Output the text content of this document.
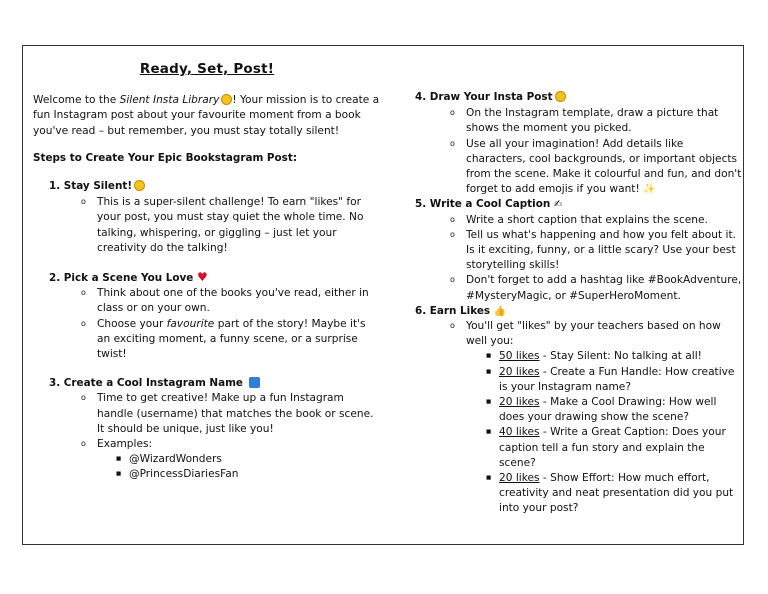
Ready, Set, Post!

Welcome to the Silent Insta Library ! Your mission is to create a fun Instagram post about your favourite moment from a book you've read – but remember, you must stay totally silent!

Steps to Create Your Epic Bookstagram Post:

1. Stay Silent!
o This is a super-silent challenge! To earn "likes" for your post, you must stay quiet the whole time. No talking, whispering, or giggling – just let your creativity do the talking!
2. Pick a Scene You Love ♥
o Think about one of the books you've read, either in class or on your own.
o Choose your favourite part of the story! Maybe it's an exciting moment, a funny scene, or a surprise twist!
3. Create a Cool Instagram Name
o Time to get creative! Make up a fun Instagram handle (username) that matches the book or scene. It should be unique, just like you!
o Examples:
■ @WizardWonders
■ @PrincessDiariesFan
4. Draw Your Insta Post
o On the Instagram template, draw a picture that shows the moment you picked.
o Use all your imagination! Add details like characters, cool backgrounds, or important objects from the scene. Make it colourful and fun, and don't forget to add emojis if you want! ✨
5. Write a Cool Caption ✍
o Write a short caption that explains the scene.
o Tell us what's happening and how you felt about it. Is it exciting, funny, or a little scary? Use your best storytelling skills!
o Don't forget to add a hashtag like #BookAdventure, #MysteryMagic, or #SuperHeroMoment.
6. Earn Likes 👍
o You'll get "likes" by your teachers based on how well you:
■ 50 likes - Stay Silent: No talking at all!
■ 20 likes - Create a Fun Handle: How creative is your Instagram name?
■ 20 likes - Make a Cool Drawing: How well does your drawing show the scene?
■ 40 likes - Write a Great Caption: Does your caption tell a fun story and explain the scene?
■ 20 likes - Show Effort: How much effort, creativity and neat presentation did you put into your post?
